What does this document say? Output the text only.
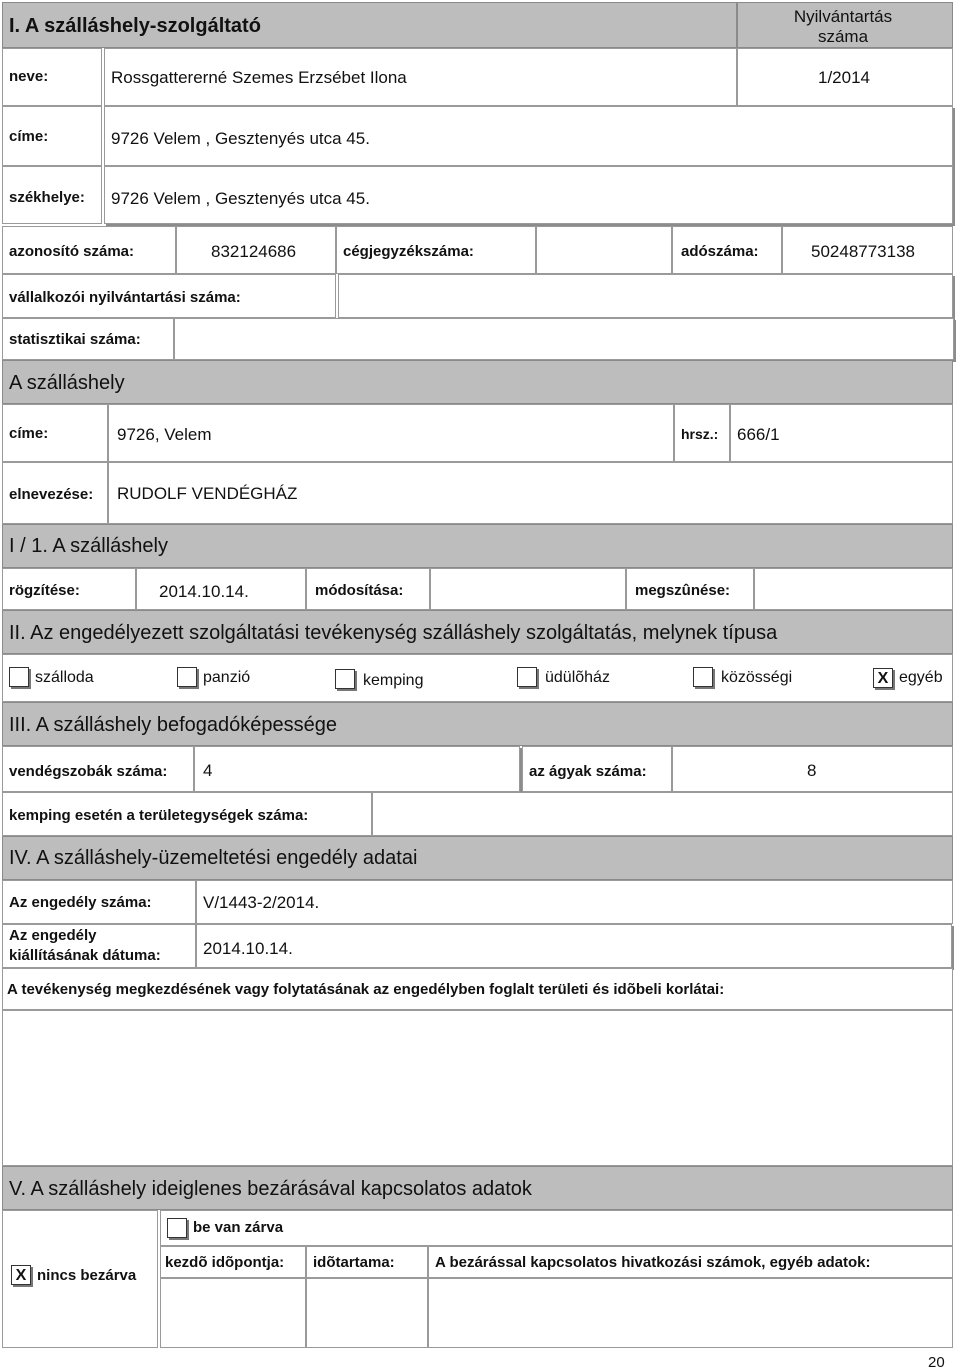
I. A szálláshely-szolgáltató	Nyilvántartás száma
neve:	Rossgattererné Szemes Erzsébet Ilona	1/2014
címe:	9726 Velem , Gesztenyés utca 45.
székhelye: 9726 Velem , Gesztenyés utca 45.
azonosító száma:	832124686	cégjegyzékszáma:	adószáma:	50248773138
vállalkozói nyilvántartási száma:
statisztikai száma:
A szálláshely
címe:	9726, Velem	hrsz.: 666/1
elnevezése: RUDOLF VENDÉGHÁZ
I / 1. A szálláshely
rögzítése:	2014.10.14.	módosítása:	megszûnése:
II. Az engedélyezett szolgáltatási tevékenység szálláshely szolgáltatás, melynek típusa
szálloda	panzió	kemping	üdülõház	közösségi	X egyéb
III. A szálláshely befogadóképessége
vendégszobák száma: 4	az ágyak száma:	8
kemping esetén a területegységek száma:
IV. A szálláshely-üzemeltetési engedély adatai
Az engedély száma:	V/1443-2/2014.
Az engedély
kiállításának dátuma: 2014.10.14.
A tevékenység megkezdésének vagy folytatásának az engedélyben foglalt területi és idõbeli korlátai:
V. A szálláshely ideiglenes bezárásával kapcsolatos adatok
X nincs bezárva
be van zárva
kezdõ idõpontja: idõtartama:	A bezárással kapcsolatos hivatkozási számok, egyéb adatok:
20
